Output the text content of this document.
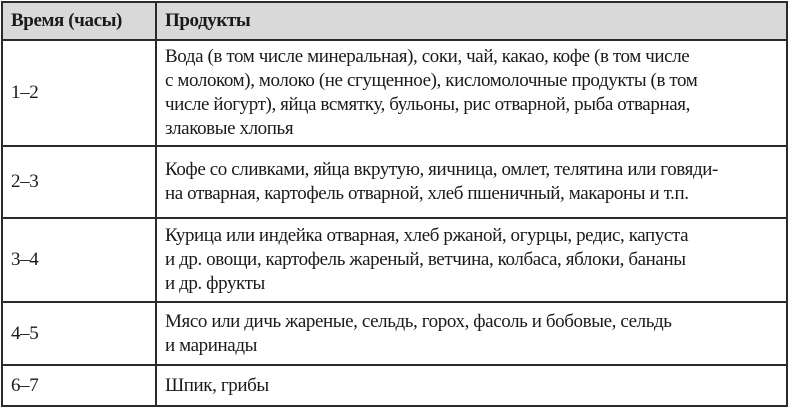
Время (часы)	Продукты
1–2	Вода (в том числе минеральная), соки, чай, какао, кофе (в том числе
с молоком), молоко (не сгущенное), кисломолочные продукты (в том
числе йогурт), яйца всмятку, бульоны, рис отварной, рыба отварная,
злаковые хлопья

2–3	Кофе со сливками, яйца вкрутую, яичница, омлет, телятина или говяди-
на отварная, картофель отварной, хлеб пшеничный, макароны и т.п.

3–4	Курица или индейка отварная, хлеб ржаной, огурцы, редис, капуста
и др. овощи, картофель жареный, ветчина, колбаса, яблоки, бананы
и др. фрукты

4–5	Мясо или дичь жареные, сельдь, горох, фасоль и бобовые, сельдь
и маринады

6–7	Шпик, грибы
